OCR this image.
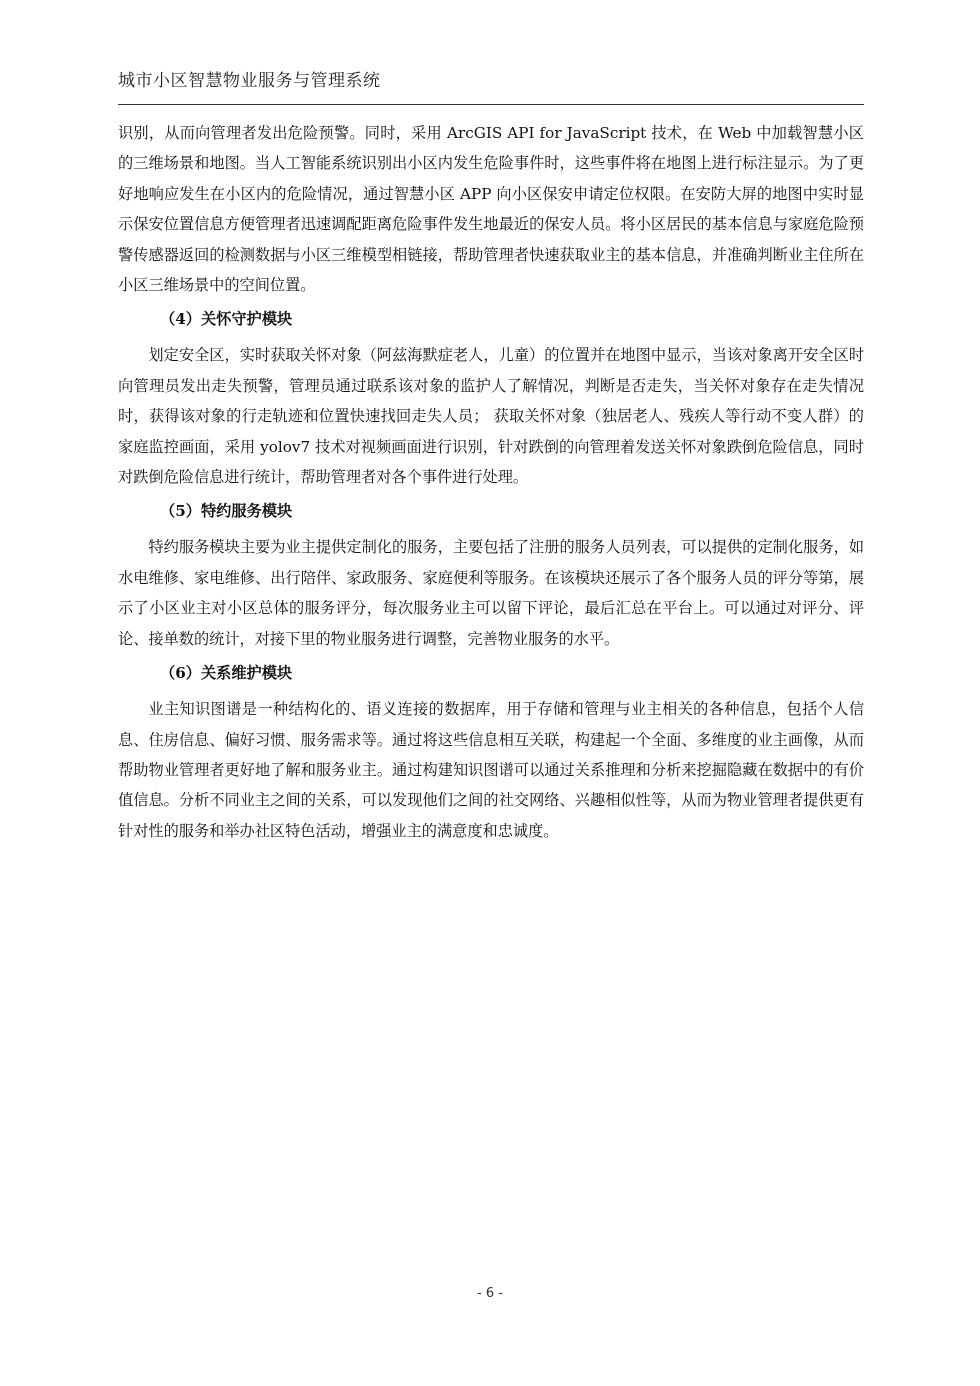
城市小区智慧物业服务与管理系统

识别，从而向管理者发出危险预警。同时，采用 ArcGIS API for JavaScript 技术，在 Web 中加载智慧小区的三维场景和地图。当人工智能系统识别出小区内发生危险事件时，这些事件将在地图上进行标注显示。为了更好地响应发生在小区内的危险情况，通过智慧小区 APP 向小区保安申请定位权限。在安防大屏的地图中实时显示保安位置信息方便管理者迅速调配距离危险事件发生地最近的保安人员。将小区居民的基本信息与家庭危险预警传感器返回的检测数据与小区三维模型相链接，帮助管理者快速获取业主的基本信息，并准确判断业主住所在小区三维场景中的空间位置。

（4）关怀守护模块

划定安全区，实时获取关怀对象（阿兹海默症老人，儿童）的位置并在地图中显示，当该对象离开安全区时向管理员发出走失预警，管理员通过联系该对象的监护人了解情况，判断是否走失，当关怀对象存在走失情况时，获得该对象的行走轨迹和位置快速找回走失人员； 获取关怀对象（独居老人、残疾人等行动不变人群）的家庭监控画面，采用 yolov7 技术对视频画面进行识别，针对跌倒的向管理着发送关怀对象跌倒危险信息，同时对跌倒危险信息进行统计，帮助管理者对各个事件进行处理。

（5）特约服务模块

特约服务模块主要为业主提供定制化的服务，主要包括了注册的服务人员列表，可以提供的定制化服务，如水电维修、家电维修、出行陪伴、家政服务、家庭便利等服务。在该模块还展示了各个服务人员的评分等第，展示了小区业主对小区总体的服务评分，每次服务业主可以留下评论，最后汇总在平台上。可以通过对评分、评论、接单数的统计，对接下里的物业服务进行调整，完善物业服务的水平。

（6）关系维护模块

业主知识图谱是一种结构化的、语义连接的数据库，用于存储和管理与业主相关的各种信息，包括个人信息、住房信息、偏好习惯、服务需求等。通过将这些信息相互关联，构建起一个全面、多维度的业主画像，从而帮助物业管理者更好地了解和服务业主。通过构建知识图谱可以通过关系推理和分析来挖掘隐藏在数据中的有价值信息。分析不同业主之间的关系，可以发现他们之间的社交网络、兴趣相似性等，从而为物业管理者提供更有针对性的服务和举办社区特色活动，增强业主的满意度和忠诚度。

- 6 -
